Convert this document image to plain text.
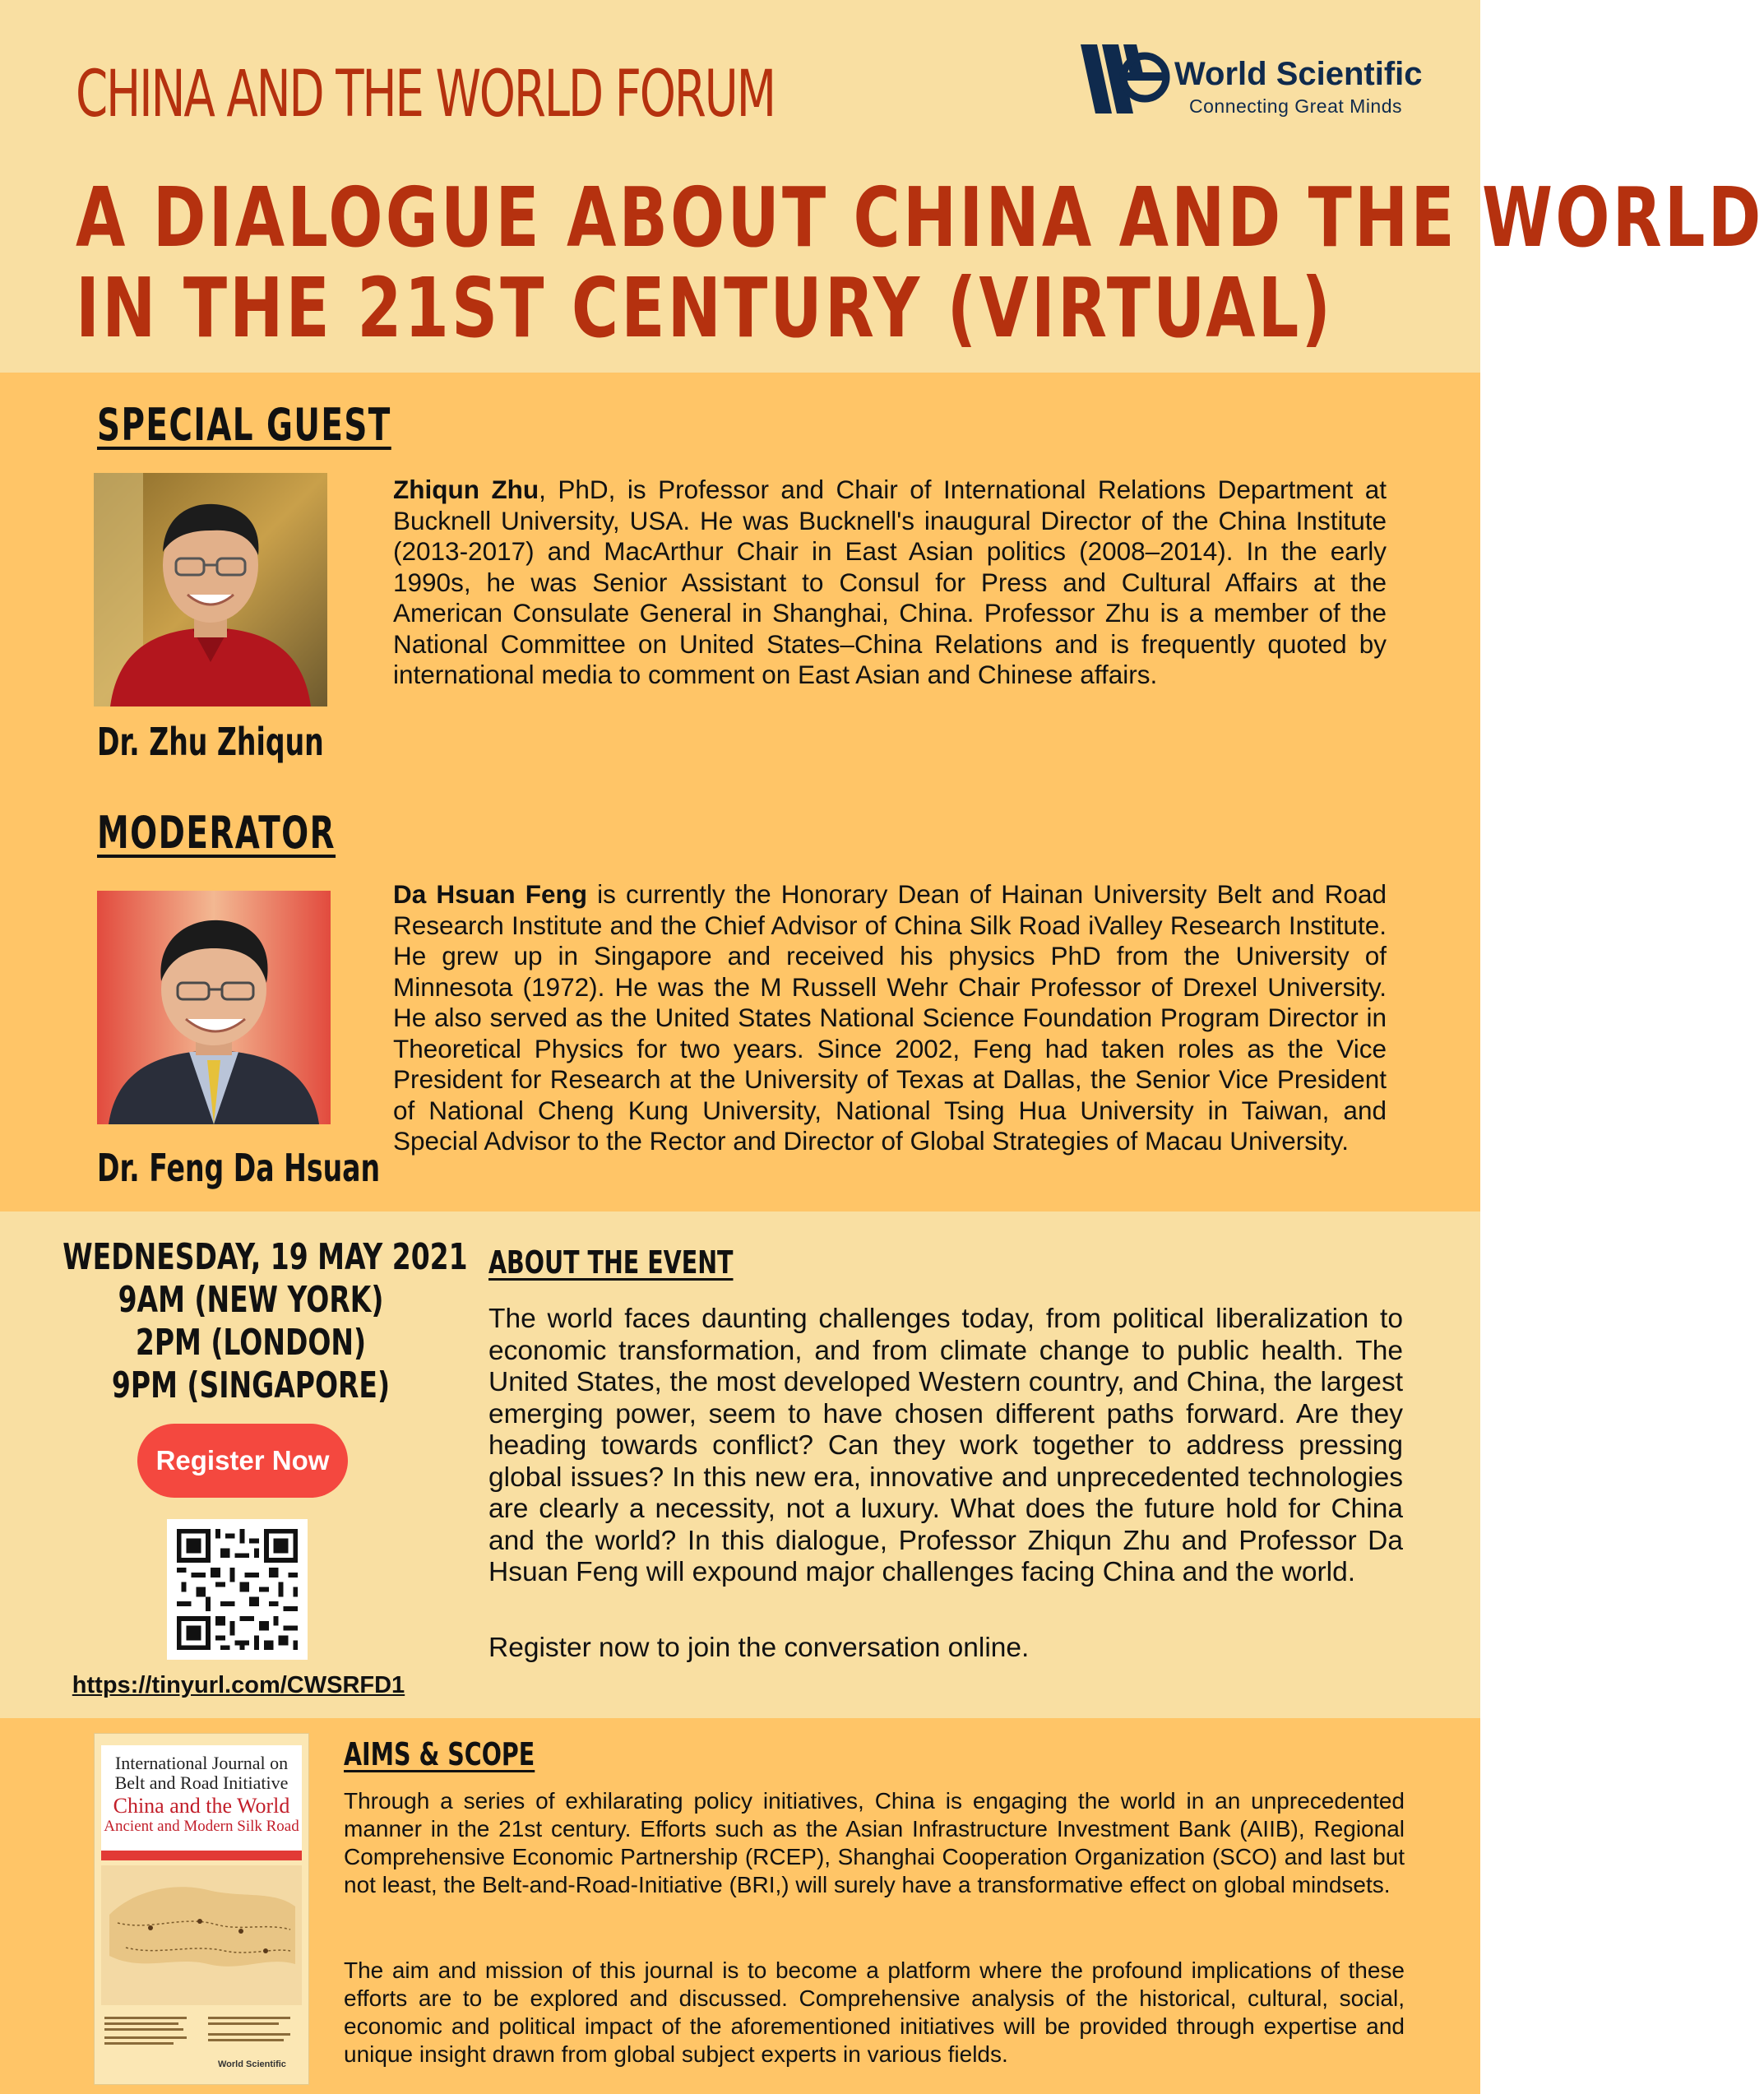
CHINA AND THE WORLD FORUM	World Scientific
Connecting Great Minds
A DIALOGUE ABOUT CHINA AND THE WORLD
IN THE 21ST CENTURY (VIRTUAL)
SPECIAL GUEST
Dr. Zhu Zhiqun
Zhiqun Zhu, PhD, is Professor and Chair of International Relations Department at Bucknell University, USA. He was Bucknell's inaugural Director of the China Institute (2013-2017) and MacArthur Chair in East Asian politics (2008–2014). In the early 1990s, he was Senior Assistant to Consul for Press and Cultural Affairs at the American Consulate General in Shanghai, China. Professor Zhu is a member of the National Committee on United States–China Relations and is frequently quoted by international media to comment on East Asian and Chinese affairs.
MODERATOR
Dr. Feng Da Hsuan
Da Hsuan Feng is currently the Honorary Dean of Hainan University Belt and Road Research Institute and the Chief Advisor of China Silk Road iValley Research Institute. He grew up in Singapore and received his physics PhD from the University of Minnesota (1972). He was the M Russell Wehr Chair Professor of Drexel University. He also served as the United States National Science Foundation Program Director in Theoretical Physics for two years. Since 2002, Feng had taken roles as the Vice President for Research at the University of Texas at Dallas, the Senior Vice President of National Cheng Kung University, National Tsing Hua University in Taiwan, and Special Advisor to the Rector and Director of Global Strategies of Macau University.
WEDNESDAY, 19 MAY 2021
9AM (NEW YORK)
2PM (LONDON)
9PM (SINGAPORE)
Register Now
https://tinyurl.com/CWSRFD1
ABOUT THE EVENT
The world faces daunting challenges today, from political liberalization to economic transformation, and from climate change to public health. The United States, the most developed Western country, and China, the largest emerging power, seem to have chosen different paths forward. Are they heading towards conflict? Can they work together to address pressing global issues? In this new era, innovative and unprecedented technologies are clearly a necessity, not a luxury. What does the future hold for China and the world? In this dialogue, Professor Zhiqun Zhu and Professor Da Hsuan Feng will expound major challenges facing China and the world.
Register now to join the conversation online.
International Journal on
Belt and Road Initiative
China and the World
Ancient and Modern Silk Road
World Scientific
AIMS & SCOPE
Through a series of exhilarating policy initiatives, China is engaging the world in an unprecedented manner in the 21st century. Efforts such as the Asian Infrastructure Investment Bank (AIIB), Regional Comprehensive Economic Partnership (RCEP), Shanghai Cooperation Organization (SCO) and last but not least, the Belt-and-Road-Initiative (BRI,) will surely have a transformative effect on global mindsets.
The aim and mission of this journal is to become a platform where the profound implications of these efforts are to be explored and discussed. Comprehensive analysis of the historical, cultural, social, economic and political impact of the aforementioned initiatives will be provided through expertise and unique insight drawn from global subject experts in various fields.
